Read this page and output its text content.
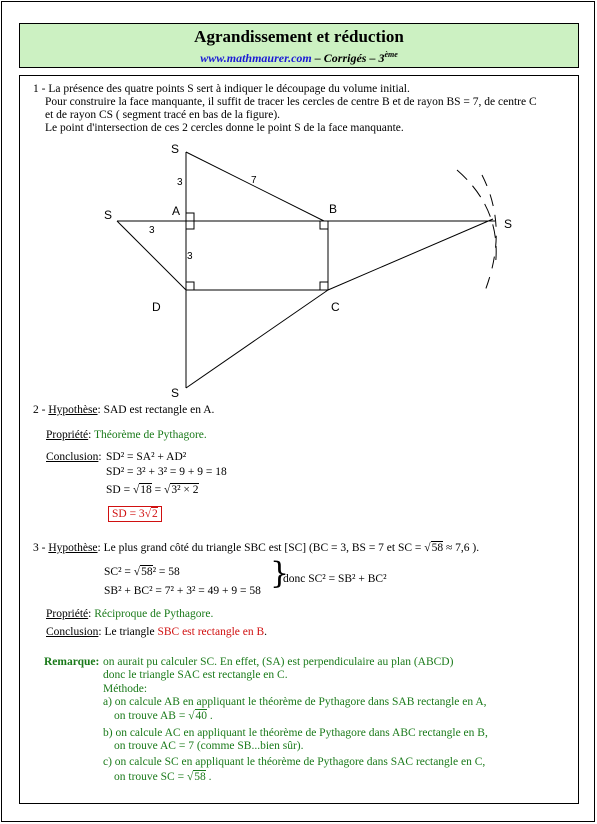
Agrandissement et réduction
www.mathmaurer.com – Corrigés – 3ème
1 - La présence des quatre points S sert à indiquer le découpage du volume initial.
Pour construire la face manquante, il suffit de tracer les cercles de centre B et de rayon BS = 7, de centre C
et de rayon CS ( segment tracé en bas de la figure).
Le point d'intersection de ces 2 cercles donne le point S de la face manquante.
S
S
S
S
A	B
C
D
3	7
3
3
2 - Hypothèse: SAD est rectangle en A.
Propriété: Théorème de Pythagore.
Conclusion: SD² = SA² + AD²
SD² = 3² + 3² = 9 + 9 = 18
SD = √18 = √3² × 2
SD = 3√2
3 - Hypothèse: Le plus grand côté du triangle SBC est [SC] (BC = 3, BS = 7 et SC = √58 ≈ 7,6 ).
SC² = √58² = 58
SB² + BC² = 7² + 3² = 49 + 9 = 58 }
donc SC² = SB² + BC²
Propriété: Réciproque de Pythagore.
Conclusion: Le triangle SBC est rectangle en B.
Remarque: on aurait pu calculer SC. En effet, (SA) est perpendiculaire au plan (ABCD)
donc le triangle SAC est rectangle en C.
Méthode:
a) on calcule AB en appliquant le théorème de Pythagore dans SAB rectangle en A,
on trouve AB = √40 .
b) on calcule AC en appliquant le théorème de Pythagore dans ABC rectangle en B,
on trouve AC = 7 (comme SB...bien sûr).
c) on calcule SC en appliquant le théorème de Pythagore dans SAC rectangle en C,
on trouve SC = √58 .
